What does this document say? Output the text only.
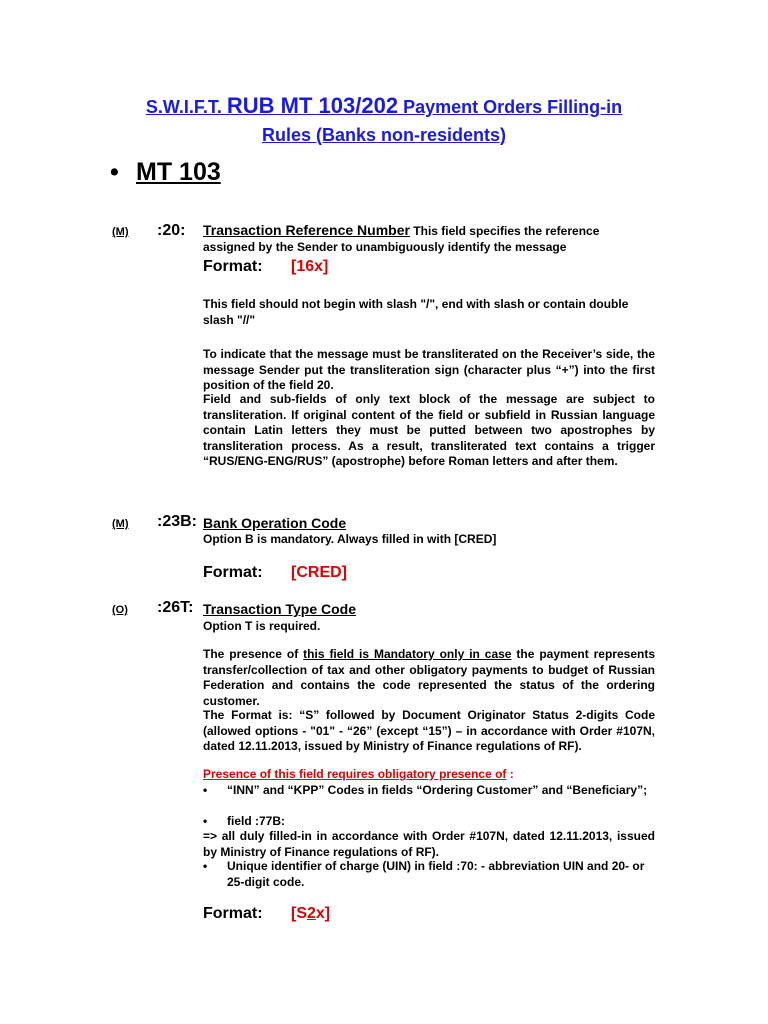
S.W.I.F.T. RUB MT 103/202 Payment Orders Filling-in
Rules (Banks non-residents)
• MT 103
(M) :20: Transaction Reference Number This field specifies the reference
assigned by the Sender to unambiguously identify the message
Format: [16x]
This field should not begin with slash "/", end with slash or contain double slash "//"
To indicate that the message must be transliterated on the Receiver’s side, the message Sender put the transliteration sign (character plus “+”) into the first position of the field 20.
Field and sub-fields of only text block of the message are subject to transliteration. If original content of the field or subfield in Russian language contain Latin letters they must be putted between two apostrophes by transliteration process. As a result, transliterated text contains a trigger “RUS/ENG-ENG/RUS” (apostrophe) before Roman letters and after them.
(M) :23B: Bank Operation Code
Option B is mandatory. Always filled in with [CRED]
Format: [CRED]
(O) :26T: Transaction Type Code
Option T is required.
The presence of this field is Mandatory only in case the payment represents transfer/collection of tax and other obligatory payments to budget of Russian Federation and contains the code represented the status of the ordering customer.
The Format is: “S” followed by Document Originator Status 2-digits Code (allowed options - "01" - “26” (except “15”) – in accordance with Order #107N, dated 12.11.2013, issued by Ministry of Finance regulations of RF).
Presence of this field requires obligatory presence of :
•	“INN” and “KPP” Codes in fields “Ordering Customer” and “Beneficiary”;
•	field :77B:
=> all duly filled-in in accordance with Order #107N, dated 12.11.2013, issued by Ministry of Finance regulations of RF).
•	Unique identifier of charge (UIN) in field :70: - abbreviation UIN and 20- or 25-digit code.
Format: [S2x]
